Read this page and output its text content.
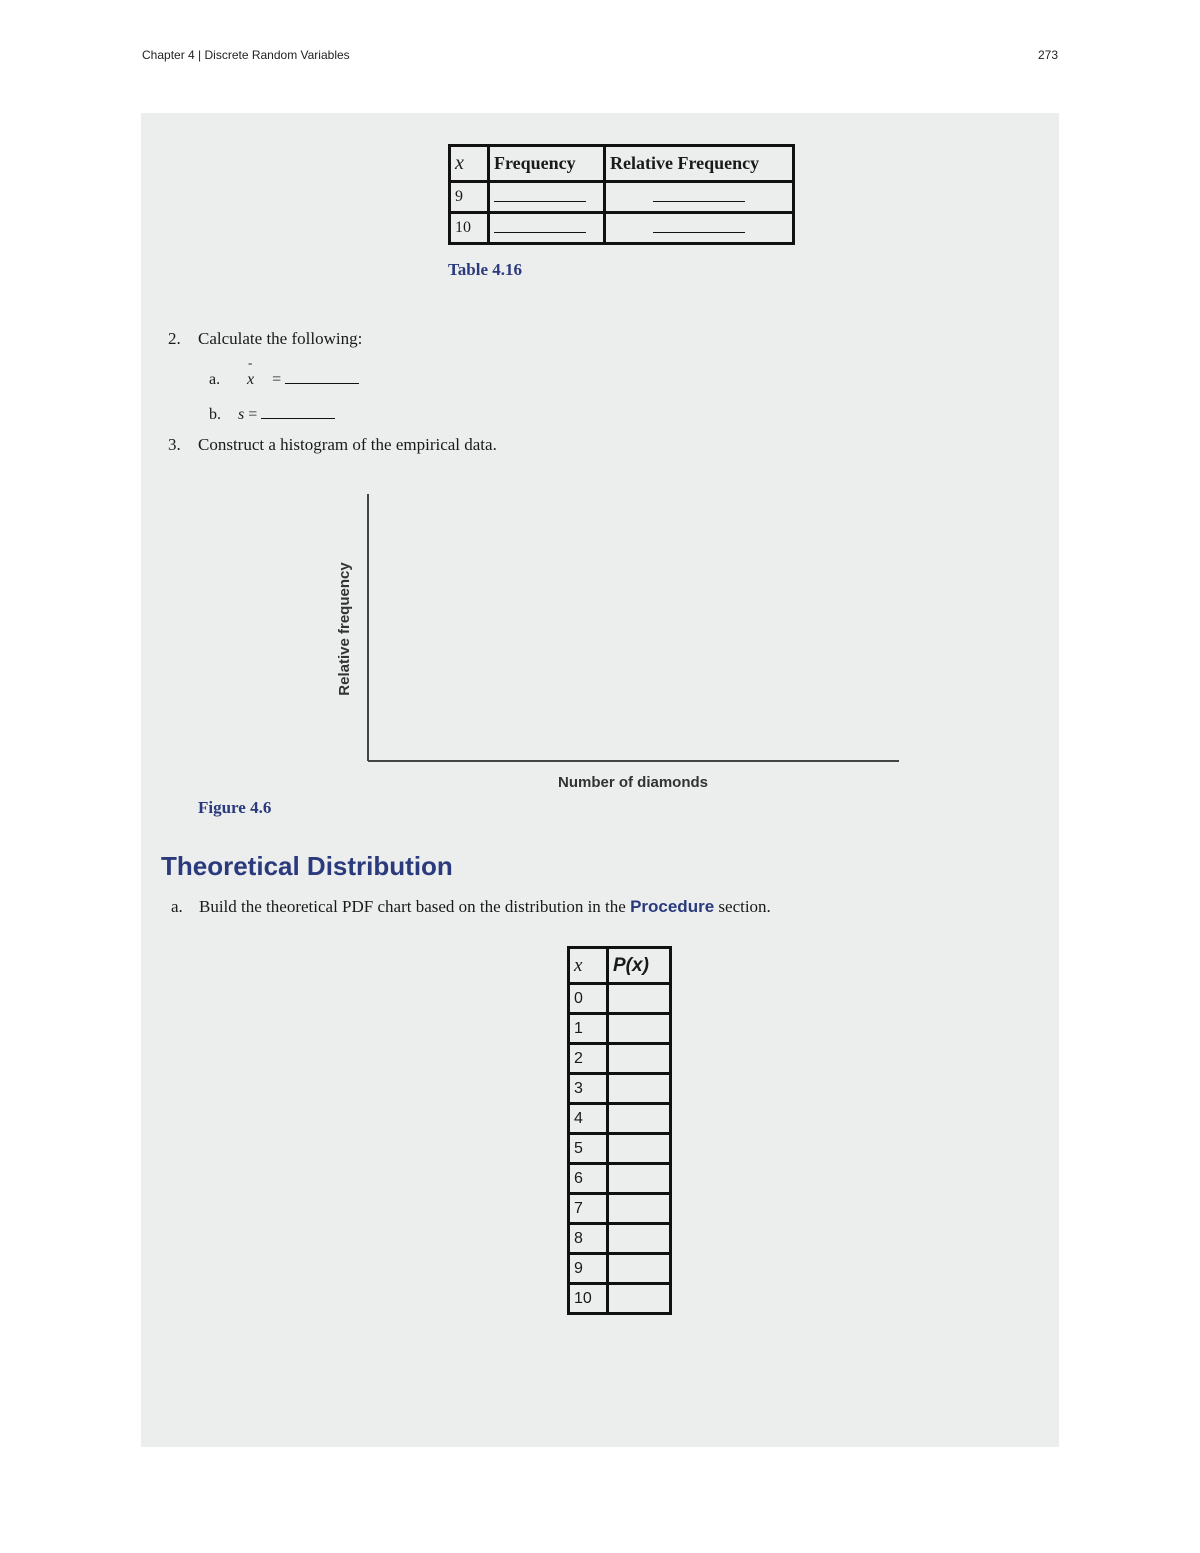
Chapter 4 | Discrete Random Variables	273
x	Frequency	Relative Frequency
9		
10		
Table 4.16
2. Calculate the following:
a. - x =
b. s =
3. Construct a histogram of the empirical data.
Number of diamonds
Relative frequency
Figure 4.6
Theoretical Distribution
a. Build the theoretical PDF chart based on the distribution in the Procedure section.
x	P(x)
0	
1	
2	
3	
4	
5	
6	
7	
8	
9	
10	
